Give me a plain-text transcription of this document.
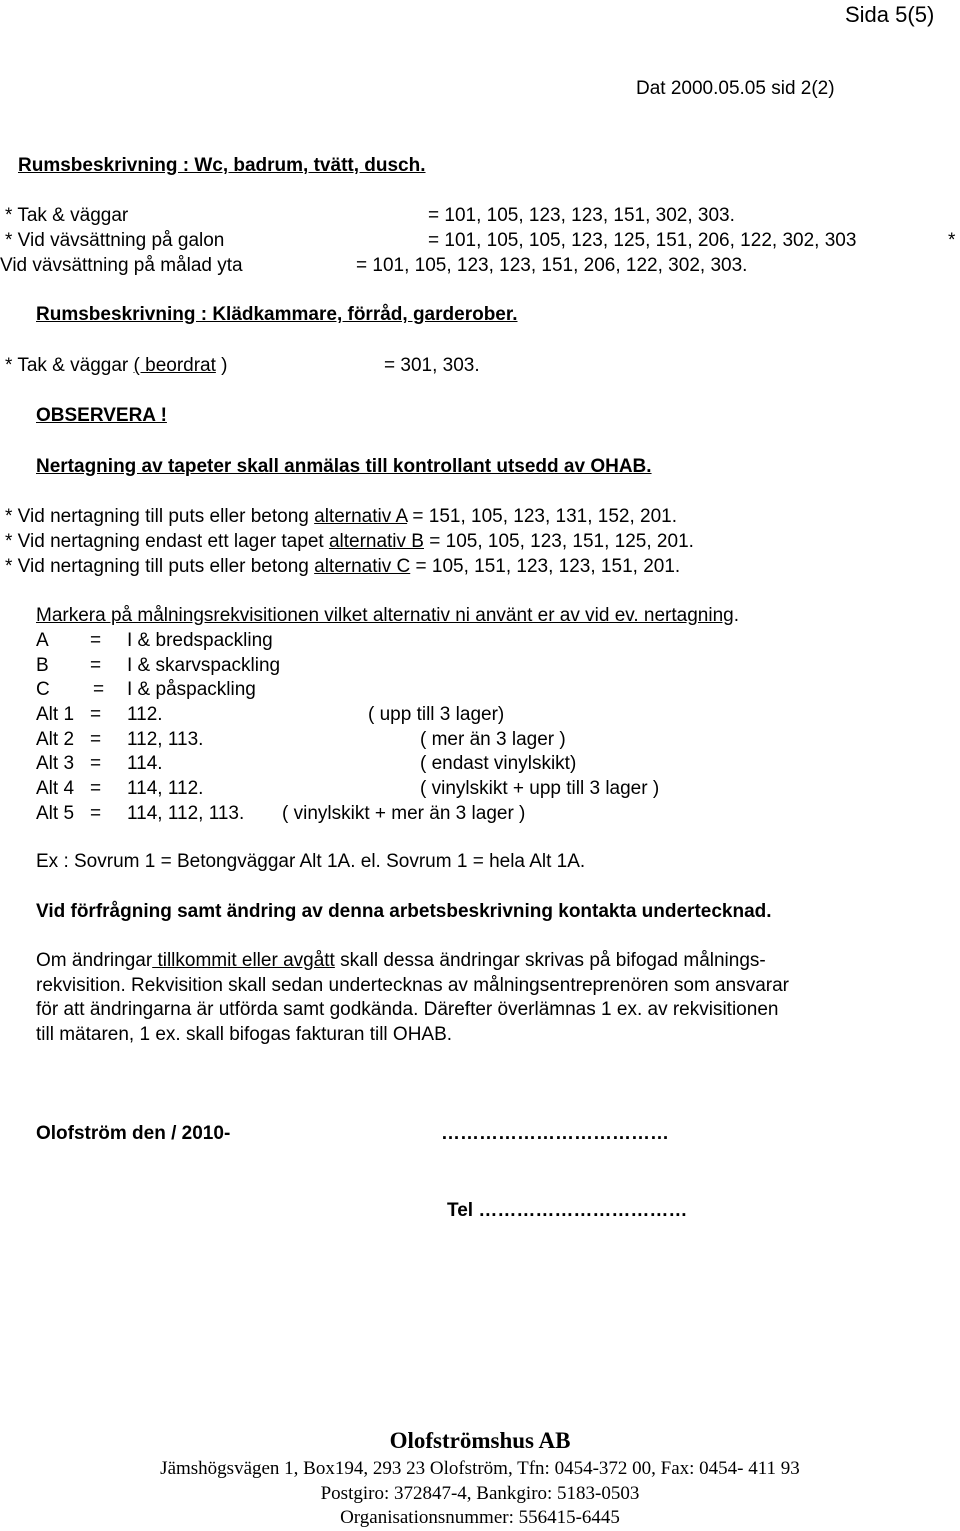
Sida 5(5)
Dat 2000.05.05 sid 2(2)
Rumsbeskrivning : Wc, badrum, tvätt, dusch.
* Tak & väggar	= 101, 105, 123, 123, 151, 302, 303.
* Vid vävsättning på galon	= 101, 105, 105, 123, 125, 151, 206, 122, 302, 303	*
Vid vävsättning på målad yta	= 101, 105, 123, 123, 151, 206, 122, 302, 303.
Rumsbeskrivning : Klädkammare, förråd, garderober.
* Tak & väggar ( beordrat )	= 301, 303.
OBSERVERA !
Nertagning av tapeter skall anmälas till kontrollant utsedd av OHAB.
* Vid nertagning till puts eller betong alternativ A = 151, 105, 123, 131, 152, 201.
* Vid nertagning endast ett lager tapet alternativ B = 105, 105, 123, 151, 125, 201.
* Vid nertagning till puts eller betong alternativ C = 105, 151, 123, 123, 151, 201.
Markera på målningsrekvisitionen vilket alternativ ni använt er av vid ev. nertagning.
A = I & bredspackling
B = I & skarvspackling
C = I & påspackling
Alt 1 = 112.	( upp till 3 lager)
Alt 2 = 112, 113.	( mer än 3 lager )
Alt 3 = 114.	( endast vinylskikt)
Alt 4 = 114, 112.	( vinylskikt + upp till 3 lager )
Alt 5 = 114, 112, 113. ( vinylskikt + mer än 3 lager )
Ex : Sovrum 1 = Betongväggar Alt 1A. el. Sovrum 1 = hela Alt 1A.
Vid förfrågning samt ändring av denna arbetsbeskrivning kontakta undertecknad.
Om ändringar tillkommit eller avgått skall dessa ändringar skrivas på bifogad målnings-
rekvisition. Rekvisition skall sedan undertecknas av målningsentreprenören som ansvarar
för att ändringarna är utförda samt godkända. Därefter överlämnas 1 ex. av rekvisitionen
till mätaren, 1 ex. skall bifogas fakturan till OHAB.
Olofström den / 2010-	………………………………
Tel ……………………………
Olofströmshus AB
Jämshögsvägen 1, Box194, 293 23 Olofström, Tfn: 0454-372 00, Fax: 0454- 411 93
Postgiro: 372847-4, Bankgiro: 5183-0503
Organisationsnummer: 556415-6445
